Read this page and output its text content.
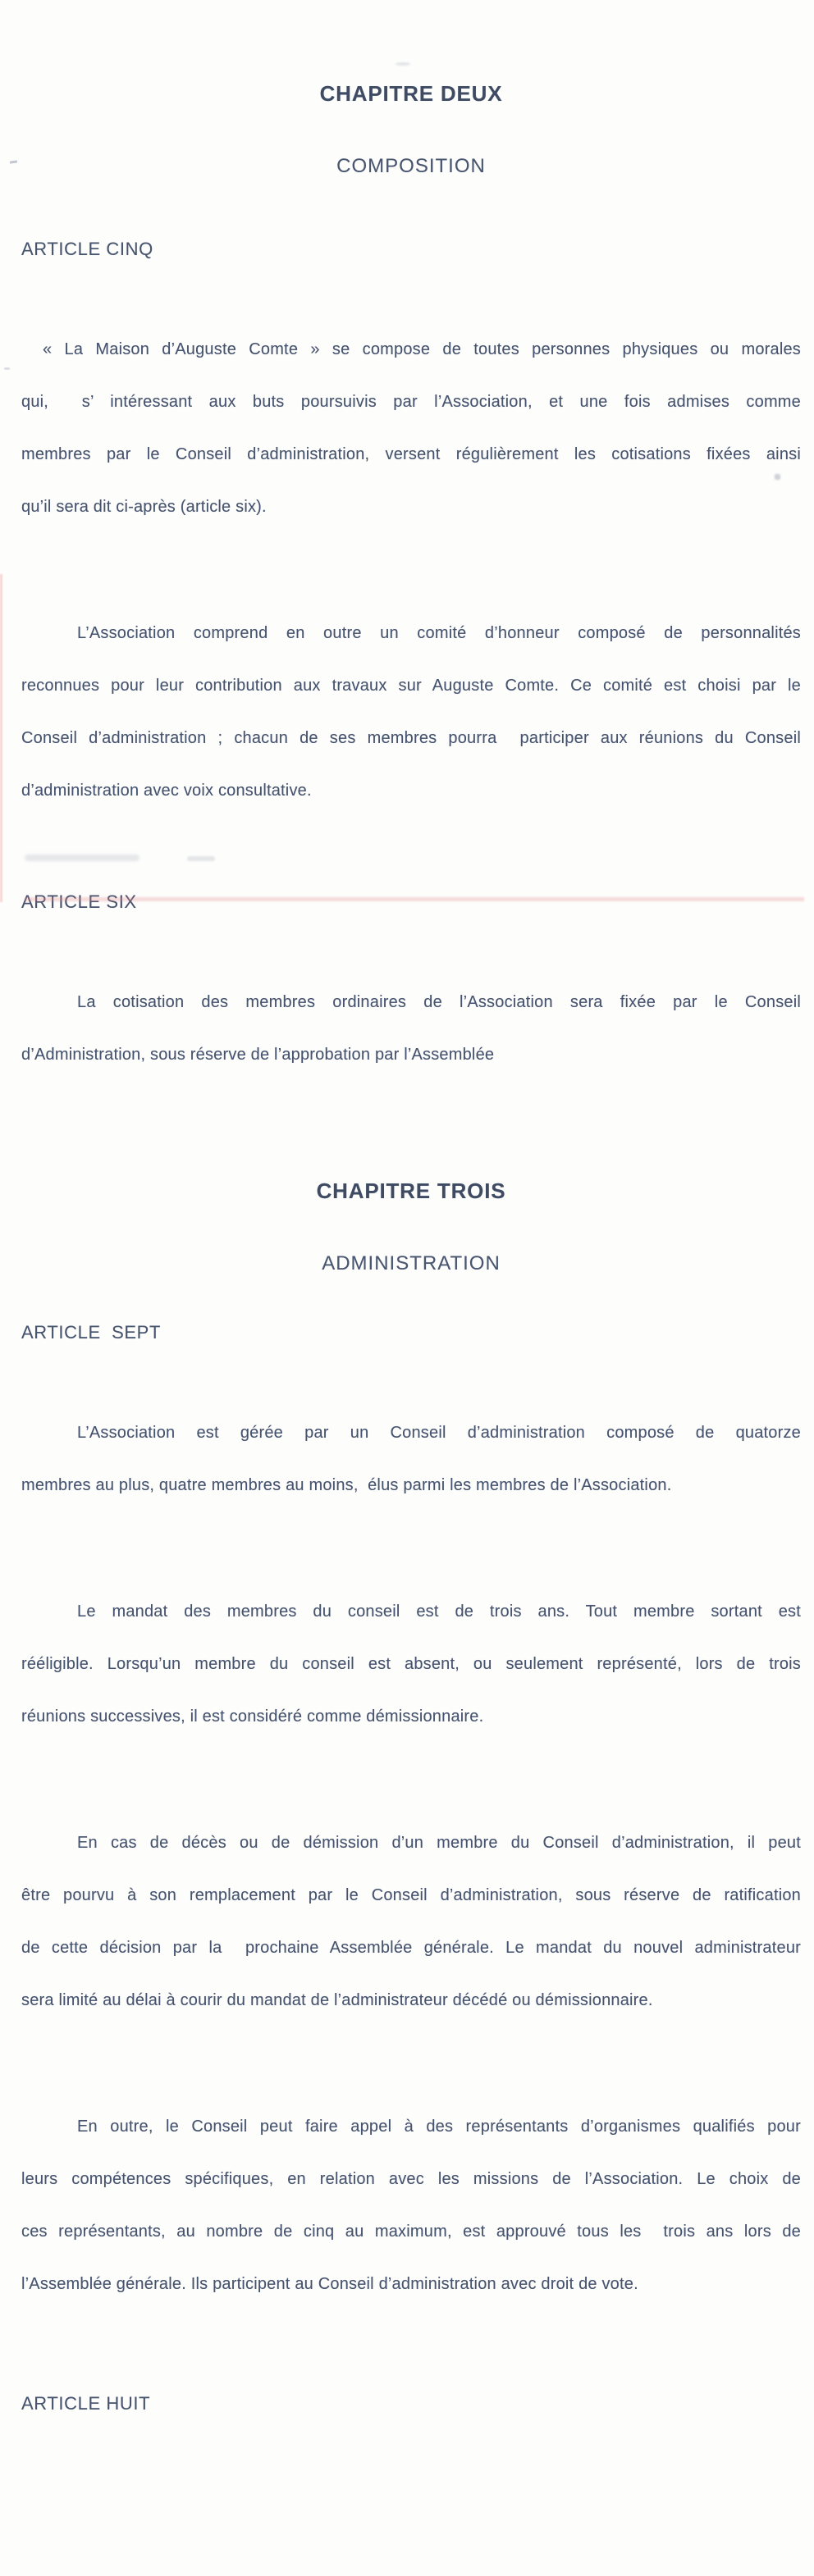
CHAPITRE DEUX

COMPOSITION

ARTICLE CINQ

« La Maison d’Auguste Comte » se compose de toutes personnes physiques ou morales

qui,  s’ intéressant aux buts poursuivis par l’Association, et une fois admises comme

membres par le Conseil d’administration, versent régulièrement les cotisations fixées ainsi

qu’il sera dit ci-après (article six).

L’Association comprend en outre un comité d’honneur composé de personnalités

reconnues pour leur contribution aux travaux sur Auguste Comte. Ce comité est choisi par le

Conseil d’administration ; chacun de ses membres pourra  participer aux réunions du Conseil

d’administration avec voix consultative.

ARTICLE SIX

La cotisation des membres ordinaires de l’Association sera fixée par le Conseil

d’Administration, sous réserve de l’approbation par l’Assemblée

CHAPITRE TROIS

ADMINISTRATION

ARTICLE  SEPT

L’Association est gérée par un Conseil d’administration composé de quatorze

membres au plus, quatre membres au moins,  élus parmi les membres de l’Association.

Le mandat des membres du conseil est de trois ans. Tout membre sortant est

rééligible. Lorsqu’un membre du conseil est absent, ou seulement représenté, lors de trois

réunions successives, il est considéré comme démissionnaire.

En cas de décès ou de démission d’un membre du Conseil d’administration, il peut

être pourvu à son remplacement par le Conseil d’administration, sous réserve de ratification

de cette décision par la  prochaine Assemblée générale. Le mandat du nouvel administrateur

sera limité au délai à courir du mandat de l’administrateur décédé ou démissionnaire.

En outre, le Conseil peut faire appel à des représentants d’organismes qualifiés pour

leurs compétences spécifiques, en relation avec les missions de l’Association. Le choix de

ces représentants, au nombre de cinq au maximum, est approuvé tous les  trois ans lors de

l’Assemblée générale. Ils participent au Conseil d’administration avec droit de vote.

ARTICLE HUIT
